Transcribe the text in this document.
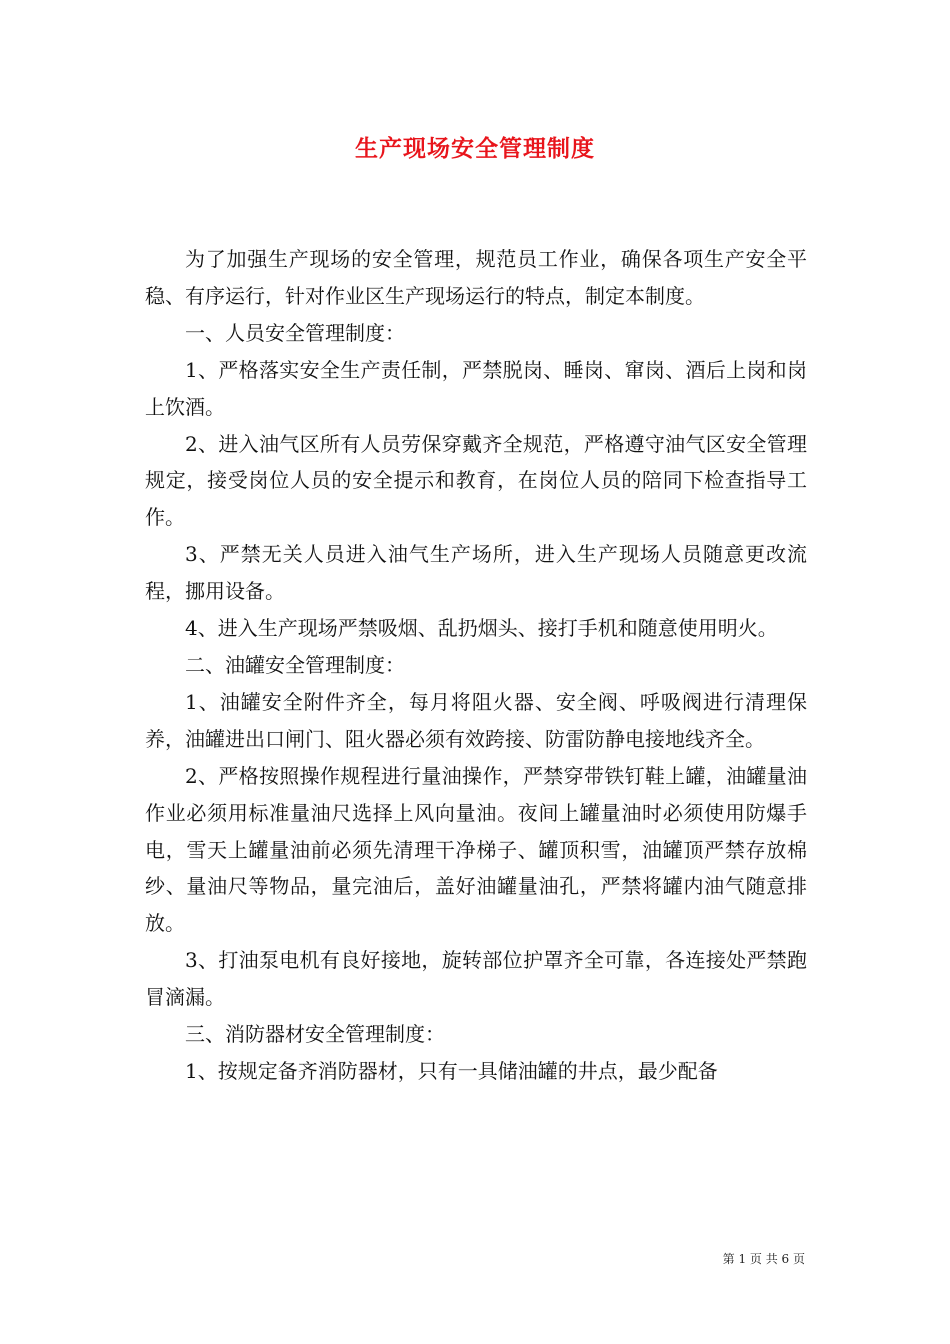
生产现场安全管理制度

为了加强生产现场的安全管理，规范员工作业，确保各项生产安全平稳、有序运行，针对作业区生产现场运行的特点，制定本制度。

一、人员安全管理制度：

1、严格落实安全生产责任制，严禁脱岗、睡岗、窜岗、酒后上岗和岗上饮酒。

2、进入油气区所有人员劳保穿戴齐全规范，严格遵守油气区安全管理规定，接受岗位人员的安全提示和教育，在岗位人员的陪同下检查指导工作。

3、严禁无关人员进入油气生产场所，进入生产现场人员随意更改流程，挪用设备。

4、进入生产现场严禁吸烟、乱扔烟头、接打手机和随意使用明火。

二、油罐安全管理制度：

1、油罐安全附件齐全，每月将阻火器、安全阀、呼吸阀进行清理保养，油罐进出口闸门、阻火器必须有效跨接、防雷防静电接地线齐全。

2、严格按照操作规程进行量油操作，严禁穿带铁钉鞋上罐，油罐量油作业必须用标准量油尺选择上风向量油。夜间上罐量油时必须使用防爆手电，雪天上罐量油前必须先清理干净梯子、罐顶积雪，油罐顶严禁存放棉纱、量油尺等物品，量完油后，盖好油罐量油孔，严禁将罐内油气随意排放。

3、打油泵电机有良好接地，旋转部位护罩齐全可靠，各连接处严禁跑冒滴漏。

三、消防器材安全管理制度：

1、按规定备齐消防器材，只有一具储油罐的井点，最少配备

第 1 页 共 6 页
